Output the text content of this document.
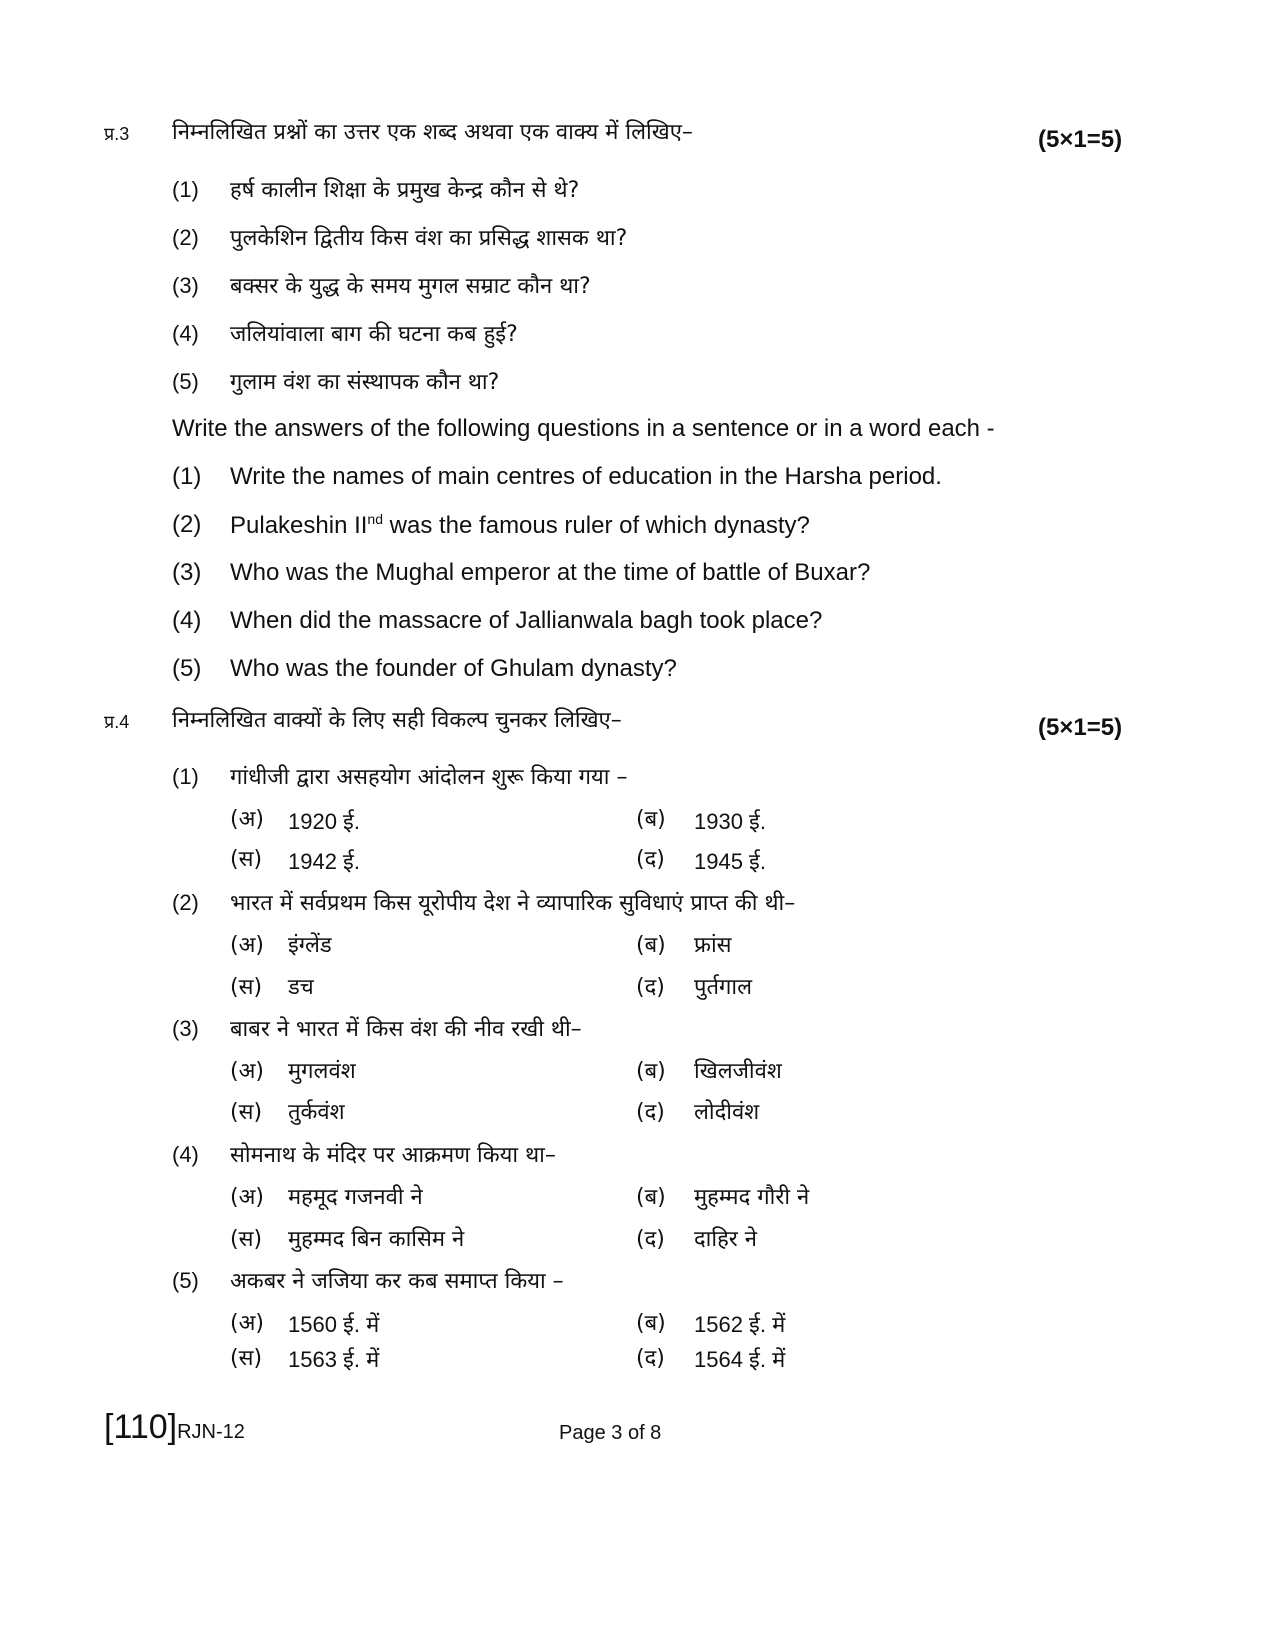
प्र.3 निम्नलिखित प्रश्नों का उत्तर एक शब्द अथवा एक वाक्य में लिखिए–	(5×1=5)
(1) हर्ष कालीन शिक्षा के प्रमुख केन्द्र कौन से थे?
(2) पुलकेशिन द्वितीय किस वंश का प्रसिद्ध शासक था?
(3) बक्सर के युद्ध के समय मुगल सम्राट कौन था?
(4) जलियांवाला बाग की घटना कब हुई?
(5) गुलाम वंश का संस्थापक कौन था?
Write the answers of the following questions in a sentence or in a word each -
(1) Write the names of main centres of education in the Harsha period.
(2) Pulakeshin IInd was the famous ruler of which dynasty?
(3) Who was the Mughal emperor at the time of battle of Buxar?
(4) When did the massacre of Jallianwala bagh took place?
(5) Who was the founder of Ghulam dynasty?
प्र.4 निम्नलिखित वाक्यों के लिए सही विकल्प चुनकर लिखिए–	(5×1=5)
(1) गांधीजी द्वारा असहयोग आंदोलन शुरू किया गया –
(अ) 1920 ई.	(ब) 1930 ई.
(स) 1942 ई.	(द) 1945 ई.
(2) भारत में सर्वप्रथम किस यूरोपीय देश ने व्यापारिक सुविधाएं प्राप्त की थी–
(अ) इंग्लेंड	(ब) फ्रांस
(स) डच	(द) पुर्तगाल
(3) बाबर ने भारत में किस वंश की नीव रखी थी–
(अ) मुगलवंश	(ब) खिलजीवंश
(स) तुर्कवंश	(द) लोदीवंश
(4) सोमनाथ के मंदिर पर आक्रमण किया था–
(अ) महमूद गजनवी ने	(ब) मुहम्मद गौरी ने
(स) मुहम्मद बिन कासिम ने	(द) दाहिर ने
(5) अकबर ने जजिया कर कब समाप्त किया –
(अ) 1560 ई. में	(ब) 1562 ई. में
(स) 1563 ई. में	(द) 1564 ई. में
[110]RJN-12	Page 3 of 8
